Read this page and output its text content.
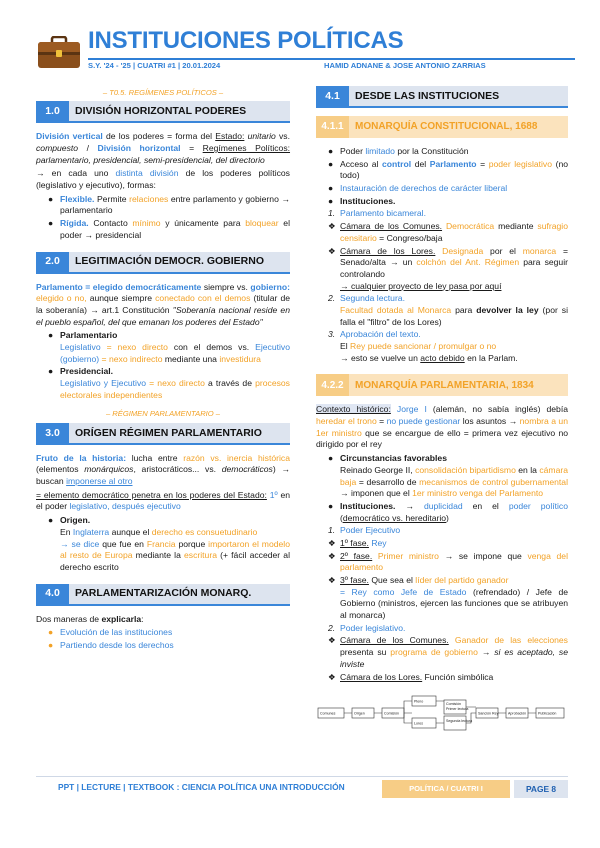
INSTITUCIONES POLÍTICAS
S.Y. '24 - '25 | CUATRI #1 | 20.01.2024	HAMID ADNANE & JOSE ANTONIO ZARRIAS
– T0.5. REGÍMENES POLÍTICOS –
1.0	DIVISIÓN HORIZONTAL PODERES

División vertical de los poderes = forma del Estado: unitario vs. compuesto / División horizontal = Regímenes Políticos: parlamentario, presidencial, semi-presidencial, del directorio

→ en cada uno distinta división de los poderes políticos (legislativo y ejecutivo), formas:

● Flexible. Permite relaciones entre parlamento y gobierno → parlamentario
● Rígida. Contacto mínimo y únicamente para bloquear el poder → presidencial
2.0	LEGITIMACIÓN DEMOCR. GOBIERNO

Parlamento = elegido democráticamente siempre vs. gobierno: elegido o no, aunque siempre conectado con el demos (titular de la soberanía) → art.1 Constitución "Soberanía nacional reside en el pueblo español, del que emanan los poderes del Estado"

● Parlamentario
Legislativo = nexo directo con el demos vs. Ejecutivo (gobierno) = nexo indirecto mediante una investidura
● Presidencial.
Legislativo y Ejecutivo = nexo directo a través de procesos electorales independientes
– RÉGIMEN PARLAMENTARIO –
3.0	ORÍGEN RÉGIMEN PARLAMENTARIO

Fruto de la historia: lucha entre razón vs. inercia histórica (elementos monárquicos, aristocráticos... vs. democráticos) → buscan imponerse al otro

= elemento democrático penetra en los poderes del Estado: 1º en el poder legislativo, después ejecutivo

● Origen.
En Inglaterra aunque el derecho es consuetudinario
→ se dice que fue en Francia porque importaron el modelo al resto de Europa mediante la escritura (+ fácil acceder al derecho escrito
4.0	PARLAMENTARIZACIÓN MONARQ.

Dos maneras de explicarla:

● Evolución de las instituciones
● Partiendo desde los derechos
4.1	DESDE LAS INSTITUCIONES
4.1.1	MONARQUÍA CONSTITUCIONAL, 1688
● Poder limitado por la Constitución
● Acceso al control del Parlamento = poder legislativo (no todo)
● Instauración de derechos de carácter liberal
● Instituciones.
1. Parlamento bicameral.
❖ Cámara de los Comunes. Democrática mediante sufragio censitario = Congreso/baja
❖ Cámara de los Lores. Designada por el monarca = Senado/alta → un colchón del Ant. Régimen para seguir controlando
→ cualquier proyecto de ley pasa por aquí
2. Segunda lectura.
Facultad dotada al Monarca para devolver la ley (por si falla el "filtro" de los Lores)
3. Aprobación del texto.
El Rey puede sancionar / promulgar o no
→ esto se vuelve un acto debido en la Parlam.
4.2.2	MONARQUÍA PARLAMENTARIA, 1834

Contexto histórico: Jorge I (alemán, no sabía inglés) debía heredar el trono = no puede gestionar los asuntos → nombra a un 1er ministro que se encargue de ello = primera vez ejecutivo no dirigido por el rey

● Circunstancias favorables
Reinado George II, consolidación bipartidismo en la cámara baja = desarrollo de mecanismos de control gubernamental → imponen que el 1er ministro venga del Parlamento
● Instituciones. → duplicidad en el poder político (democrático vs. hereditario)
1. Poder Ejecutivo
❖ 1º fase. Rey
❖ 2º fase. Primer ministro → se impone que venga del parlamento
❖ 3º fase. Que sea el líder del partido ganador
= Rey como Jefe de Estado (refrendado) / Jefe de Gobierno (ministros, ejercen las funciones que se atribuyen al monarca)
2. Poder legislativo.
❖ Cámara de los Comunes. Ganador de las elecciones presenta su programa de gobierno → si es aceptado, se inviste
❖ Cámara de los Lores. Función simbólica
Comunes	Origen	Comisión
Pleno
Lores
Comisión
Primer lectura
Segunda lectura
Sanción Rey	Aprobación	Publicación
PPT | LECTURE | TEXTBOOK : CIENCIA POLÍTICA UNA INTRODUCCIÓN	POLÍTICA / CUATRI I	PAGE 8
